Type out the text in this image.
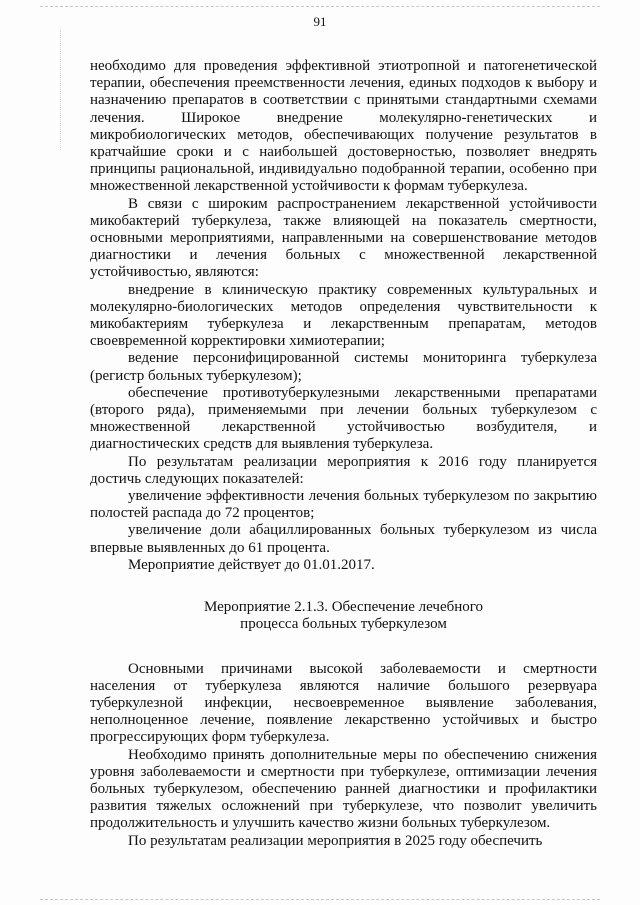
91

необходимо для проведения эффективной этиотропной и патогенетической терапии, обеспечения преемственности лечения, единых подходов к выбору и назначению препаратов в соответствии с принятыми стандартными схемами лечения. Широкое внедрение молекулярно-генетических и микробиологических методов, обеспечивающих получение результатов в кратчайшие сроки и с наибольшей достоверностью, позволяет внедрять принципы рациональной, индивидуально подобранной терапии, особенно при множественной лекарственной устойчивости к формам туберкулеза.

В связи с широким распространением лекарственной устойчивости микобактерий туберкулеза, также влияющей на показатель смертности, основными мероприятиями, направленными на совершенствование методов диагностики и лечения больных с множественной лекарственной устойчивостью, являются:

внедрение в клиническую практику современных культуральных и молекулярно-биологических методов определения чувствительности к микобактериям туберкулеза и лекарственным препаратам, методов своевременной корректировки химиотерапии;

ведение персонифицированной системы мониторинга туберкулеза (регистр больных туберкулезом);

обеспечение противотуберкулезными лекарственными препаратами (второго ряда), применяемыми при лечении больных туберкулезом с множественной лекарственной устойчивостью возбудителя, и диагностических средств для выявления туберкулеза.

По результатам реализации мероприятия к 2016 году планируется достичь следующих показателей:

увеличение эффективности лечения больных туберкулезом по закрытию полостей распада до 72 процентов;

увеличение доли абациллированных больных туберкулезом из числа впервые выявленных до 61 процента.

Мероприятие действует до 01.01.2017.

Мероприятие 2.1.3. Обеспечение лечебного
процесса больных туберкулезом

Основными причинами высокой заболеваемости и смертности населения от туберкулеза являются наличие большого резервуара туберкулезной инфекции, несвоевременное выявление заболевания, неполноценное лечение, появление лекарственно устойчивых и быстро прогрессирующих форм туберкулеза.

Необходимо принять дополнительные меры по обеспечению снижения уровня заболеваемости и смертности при туберкулезе, оптимизации лечения больных туберкулезом, обеспечению ранней диагностики и профилактики развития тяжелых осложнений при туберкулезе, что позволит увеличить продолжительность и улучшить качество жизни больных туберкулезом.

По результатам реализации мероприятия в 2025 году обеспечить
